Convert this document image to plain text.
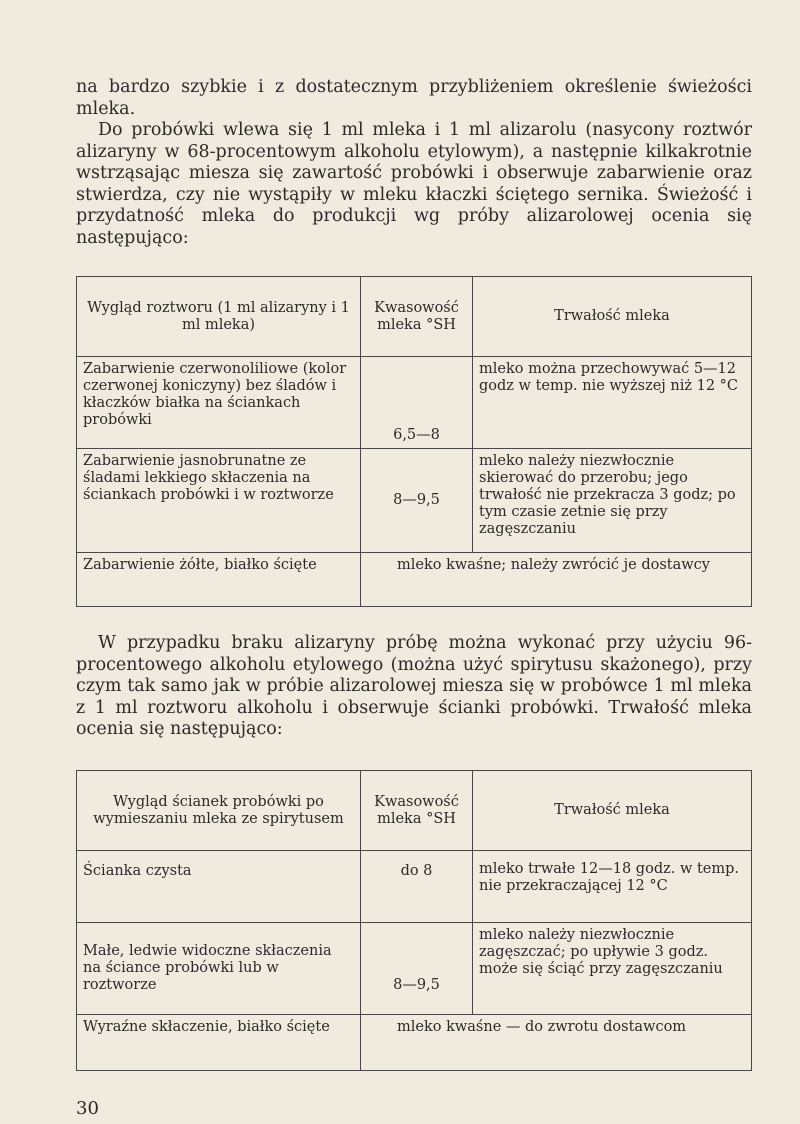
na bardzo szybkie i z dostatecznym przybliżeniem określenie świeżości mleka.

Do probówki wlewa się 1 ml mleka i 1 ml alizarolu (nasycony roztwór alizaryny w 68-procentowym alkoholu etylowym), a następnie kilkakrotnie wstrząsając miesza się zawartość probówki i obserwuje zabarwienie oraz stwierdza, czy nie wystąpiły w mleku kłaczki ściętego sernika. Świeżość i przydatność mleka do produkcji wg próby alizarolowej ocenia się następująco:

Wygląd roztworu (1 ml alizaryny i 1 ml mleka)	Kwasowość mleka °SH	Trwałość mleka
Zabarwienie czerwonoliliowe (kolor czerwonej koniczyny) bez śladów i kłaczków białka na ściankach probówki	6,5—8	mleko można przechowywać 5—12 godz w temp. nie wyższej niż 12 °C
Zabarwienie jasnobrunatne ze śladami lekkiego skłaczenia na ściankach probówki i w roztworze	8—9,5	mleko należy niezwłocznie skierować do przerobu; jego trwałość nie przekracza 3 godz; po tym czasie zetnie się przy zagęszczaniu
Zabarwienie żółte, białko ścięte	mleko kwaśne; należy zwrócić je dostawcy	
W przypadku braku alizaryny próbę można wykonać przy użyciu 96-procentowego alkoholu etylowego (można użyć spirytusu skażonego), przy czym tak samo jak w próbie alizarolowej miesza się w probówce 1 ml mleka z 1 ml roztworu alkoholu i obserwuje ścianki probówki. Trwałość mleka ocenia się następująco:
Wygląd ścianek probówki po wymieszaniu mleka ze spirytusem	Kwasowość mleka °SH	Trwałość mleka
Ścianka czysta	do 8	mleko trwałe 12—18 godz. w temp. nie przekraczającej 12 °C
Małe, ledwie widoczne skłaczenia na ściance probówki lub w roztworze	8—9,5	mleko należy niezwłocznie zagęszczać; po upływie 3 godz. może się ściąć przy zagęszczaniu
Wyraźne skłaczenie, białko ścięte	mleko kwaśne — do zwrotu dostawcom	
30
